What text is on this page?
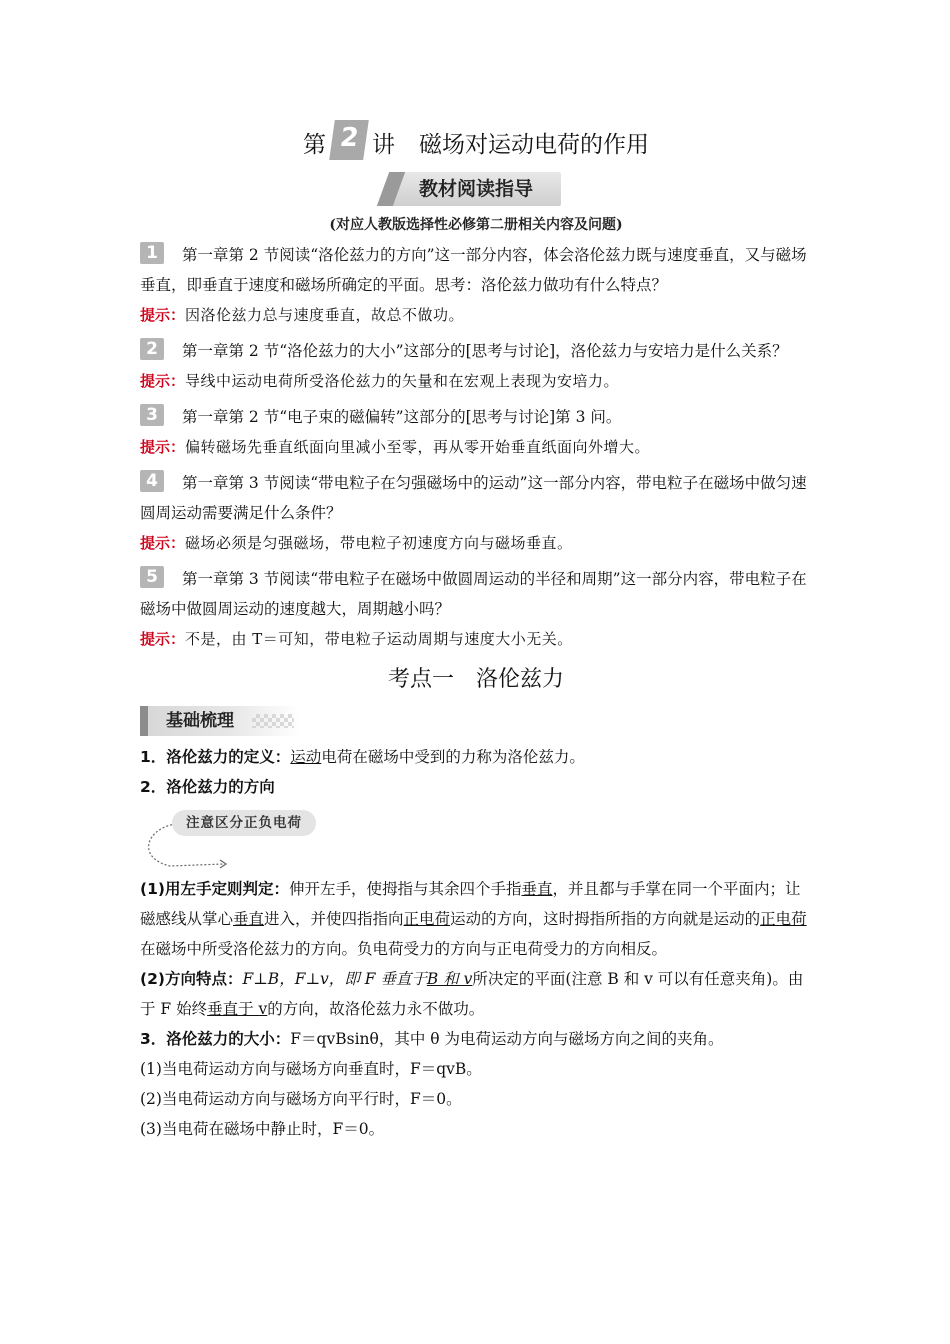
第 2 讲 磁场对运动电荷的作用
教材阅读指导
(对应人教版选择性必修第二册相关内容及问题)
1 第一章第 2 节阅读“洛伦兹力的方向”这一部分内容，体会洛伦兹力既与速度垂直，又与磁场垂直，即垂直于速度和磁场所确定的平面。思考：洛伦兹力做功有什么特点？
提示：因洛伦兹力总与速度垂直，故总不做功。
2 第一章第 2 节“洛伦兹力的大小”这部分的[思考与讨论]，洛伦兹力与安培力是什么关系？
提示：导线中运动电荷所受洛伦兹力的矢量和在宏观上表现为安培力。
3 第一章第 2 节“电子束的磁偏转”这部分的[思考与讨论]第 3 问。
提示：偏转磁场先垂直纸面向里减小至零，再从零开始垂直纸面向外增大。
4 第一章第 3 节阅读“带电粒子在匀强磁场中的运动”这一部分内容，带电粒子在磁场中做匀速圆周运动需要满足什么条件？
提示：磁场必须是匀强磁场，带电粒子初速度方向与磁场垂直。
5 第一章第 3 节阅读“带电粒子在磁场中做圆周运动的半径和周期”这一部分内容，带电粒子在磁场中做圆周运动的速度越大，周期越小吗？
提示：不是，由 T＝可知，带电粒子运动周期与速度大小无关。
考点一 洛伦兹力
基础梳理
1．洛伦兹力的定义：运动电荷在磁场中受到的力称为洛伦兹力。
2．洛伦兹力的方向
注意区分正负电荷
(1)用左手定则判定：伸开左手，使拇指与其余四个手指垂直，并且都与手掌在同一个平面内；让磁感线从掌心垂直进入，并使四指指向正电荷运动的方向，这时拇指所指的方向就是运动的正电荷在磁场中所受洛伦兹力的方向。负电荷受力的方向与正电荷受力的方向相反。
(2)方向特点：F⊥B，F⊥v，即 F 垂直于B 和 v所决定的平面(注意 B 和 v 可以有任意夹角)。由于 F 始终垂直于 v的方向，故洛伦兹力永不做功。
3．洛伦兹力的大小：F＝qvBsinθ，其中 θ 为电荷运动方向与磁场方向之间的夹角。
(1)当电荷运动方向与磁场方向垂直时，F＝qvB。
(2)当电荷运动方向与磁场方向平行时，F＝0。
(3)当电荷在磁场中静止时，F＝0。
